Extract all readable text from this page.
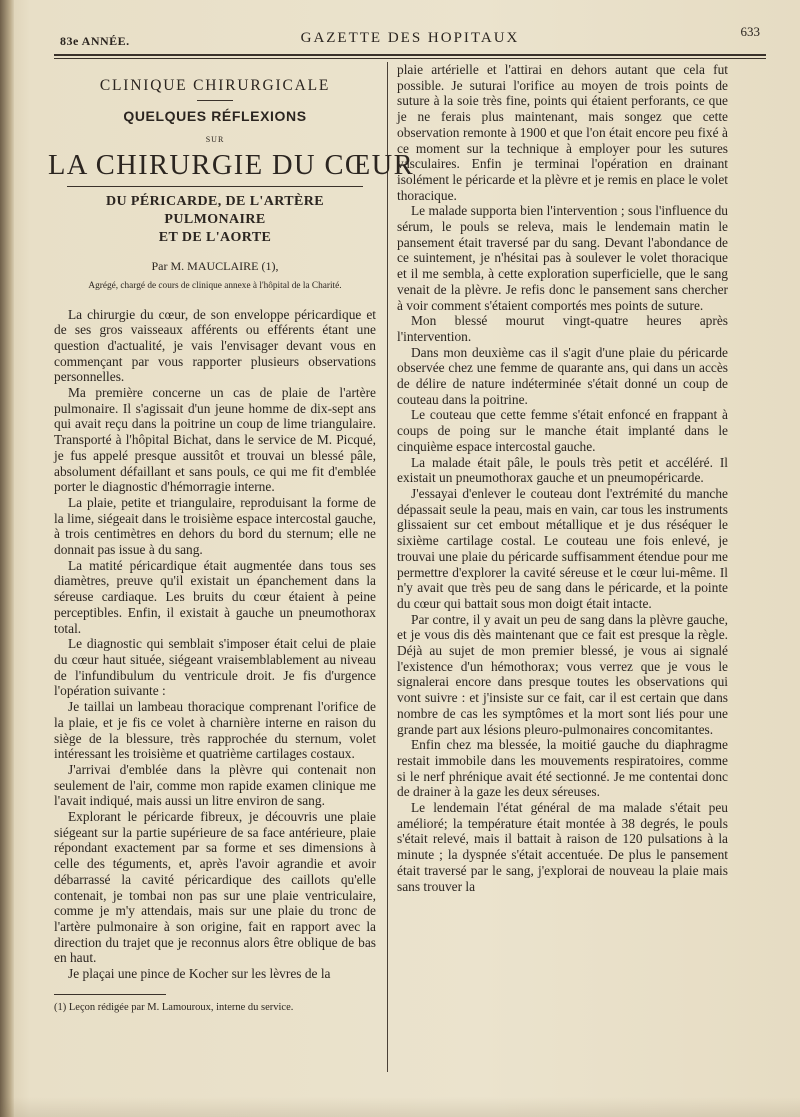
83e ANNÉE.	GAZETTE DES HOPITAUX	633
CLINIQUE CHIRURGICALE
QUELQUES RÉFLEXIONS
SUR
LA CHIRURGIE DU CŒUR
DU PÉRICARDE, DE L'ARTÈRE PULMONAIRE
ET DE L'AORTE
Par M. MAUCLAIRE (1),
Agrégé, chargé de cours de clinique annexe à l'hôpital de la Charité.

La chirurgie du cœur, de son enveloppe péricardique et de ses gros vaisseaux afférents ou efférents étant une question d'actualité, je vais l'envisager devant vous en commençant par vous rapporter plusieurs observations personnelles.

Ma première concerne un cas de plaie de l'artère pulmonaire. Il s'agissait d'un jeune homme de dix-sept ans qui avait reçu dans la poitrine un coup de lime triangulaire. Transporté à l'hôpital Bichat, dans le service de M. Picqué, je fus appelé presque aussitôt et trouvai un blessé pâle, absolument défaillant et sans pouls, ce qui me fit d'emblée porter le diagnostic d'hémorragie interne.

La plaie, petite et triangulaire, reproduisant la forme de la lime, siégeait dans le troisième espace intercostal gauche, à trois centimètres en dehors du bord du sternum; elle ne donnait pas issue à du sang.

La matité péricardique était augmentée dans tous ses diamètres, preuve qu'il existait un épanchement dans la séreuse cardiaque. Les bruits du cœur étaient à peine perceptibles. Enfin, il existait à gauche un pneumothorax total.

Le diagnostic qui semblait s'imposer était celui de plaie du cœur haut située, siégeant vraisemblablement au niveau de l'infundibulum du ventricule droit. Je fis d'urgence l'opération suivante :

Je taillai un lambeau thoracique comprenant l'orifice de la plaie, et je fis ce volet à charnière interne en raison du siège de la blessure, très rapprochée du sternum, volet intéressant les troisième et quatrième cartilages costaux.

J'arrivai d'emblée dans la plèvre qui contenait non seulement de l'air, comme mon rapide examen clinique me l'avait indiqué, mais aussi un litre environ de sang.

Explorant le péricarde fibreux, je découvris une plaie siégeant sur la partie supérieure de sa face antérieure, plaie répondant exactement par sa forme et ses dimensions à celle des téguments, et, après l'avoir agrandie et avoir débarrassé la cavité péricardique des caillots qu'elle contenait, je tombai non pas sur une plaie ventriculaire, comme je m'y attendais, mais sur une plaie du tronc de l'artère pulmonaire à son origine, fait en rapport avec la direction du trajet que je reconnus alors être oblique de bas en haut.

Je plaçai une pince de Kocher sur les lèvres de la

(1) Leçon rédigée par M. Lamouroux, interne du service.

plaie artérielle et l'attirai en dehors autant que cela fut possible. Je suturai l'orifice au moyen de trois points de suture à la soie très fine, points qui étaient perforants, ce que je ne ferais plus maintenant, mais songez que cette observation remonte à 1900 et que l'on était encore peu fixé à ce moment sur la technique à employer pour les sutures vasculaires. Enfin je terminai l'opération en drainant isolément le péricarde et la plèvre et je remis en place le volet thoracique.

Le malade supporta bien l'intervention ; sous l'influence du sérum, le pouls se releva, mais le lendemain matin le pansement était traversé par du sang. Devant l'abondance de ce suintement, je n'hésitai pas à soulever le volet thoracique et il me sembla, à cette exploration superficielle, que le sang venait de la plèvre. Je refis donc le pansement sans chercher à voir comment s'étaient comportés mes points de suture.

Mon blessé mourut vingt-quatre heures après l'intervention.

Dans mon deuxième cas il s'agit d'une plaie du péricarde observée chez une femme de quarante ans, qui dans un accès de délire de nature indéterminée s'était donné un coup de couteau dans la poitrine.

Le couteau que cette femme s'était enfoncé en frappant à coups de poing sur le manche était implanté dans le cinquième espace intercostal gauche.

La malade était pâle, le pouls très petit et accéléré. Il existait un pneumothorax gauche et un pneumopéricarde.

J'essayai d'enlever le couteau dont l'extrémité du manche dépassait seule la peau, mais en vain, car tous les instruments glissaient sur cet embout métallique et je dus réséquer le sixième cartilage costal. Le couteau une fois enlevé, je trouvai une plaie du péricarde suffisamment étendue pour me permettre d'explorer la cavité séreuse et le cœur lui-même. Il n'y avait que très peu de sang dans le péricarde, et la pointe du cœur qui battait sous mon doigt était intacte.

Par contre, il y avait un peu de sang dans la plèvre gauche, et je vous dis dès maintenant que ce fait est presque la règle. Déjà au sujet de mon premier blessé, je vous ai signalé l'existence d'un hémothorax; vous verrez que je vous le signalerai encore dans presque toutes les observations qui vont suivre : et j'insiste sur ce fait, car il est certain que dans nombre de cas les symptômes et la mort sont liés pour une grande part aux lésions pleuro-pulmonaires concomitantes.

Enfin chez ma blessée, la moitié gauche du diaphragme restait immobile dans les mouvements respiratoires, comme si le nerf phrénique avait été sectionné. Je me contentai donc de drainer à la gaze les deux séreuses.

Le lendemain l'état général de ma malade s'était peu amélioré; la température était montée à 38 degrés, le pouls s'était relevé, mais il battait à raison de 120 pulsations à la minute ; la dyspnée s'était accentuée. De plus le pansement était traversé par le sang, j'explorai de nouveau la plaie mais sans trouver la
